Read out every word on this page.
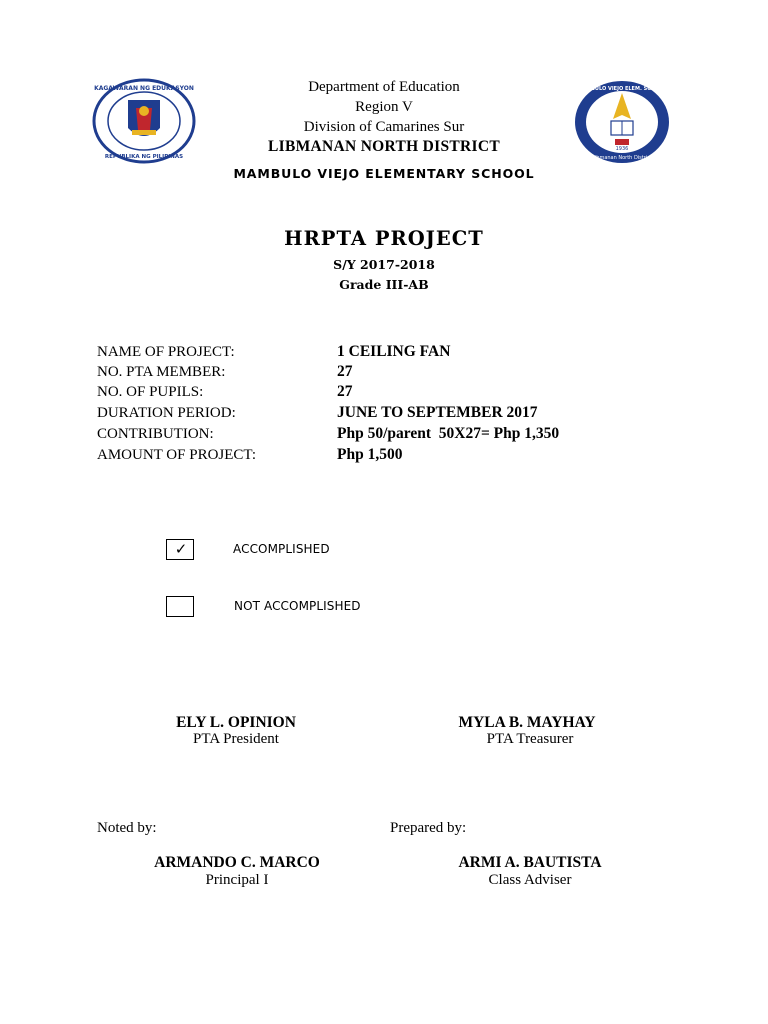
KAGAWARAN NG EDUKASYON
REPUBLIKA NG PILIPINAS
1936
MAMBULO VIEJO ELEM. SCHOOL
Libmanan North District
Department of Education
Region V
Division of Camarines Sur
LIBMANAN NORTH DISTRICT
MAMBULO VIEJO ELEMENTARY SCHOOL
HRPTA PROJECT
S/Y 2017-2018
Grade III-AB
NAME OF PROJECT:	1 CEILING FAN
NO. PTA MEMBER:	27
NO. OF PUPILS:	27
DURATION PERIOD:	JUNE TO SEPTEMBER 2017
CONTRIBUTION:	Php 50/parent  50X27= Php 1,350
AMOUNT OF PROJECT:	Php 1,500
✓	ACCOMPLISHED
NOT ACCOMPLISHED
ELY L. OPINION
PTA President
MYLA B. MAYHAY
PTA Treasurer
Noted by:	Prepared by:
ARMANDO C. MARCO
Principal I
ARMI A. BAUTISTA
Class Adviser
